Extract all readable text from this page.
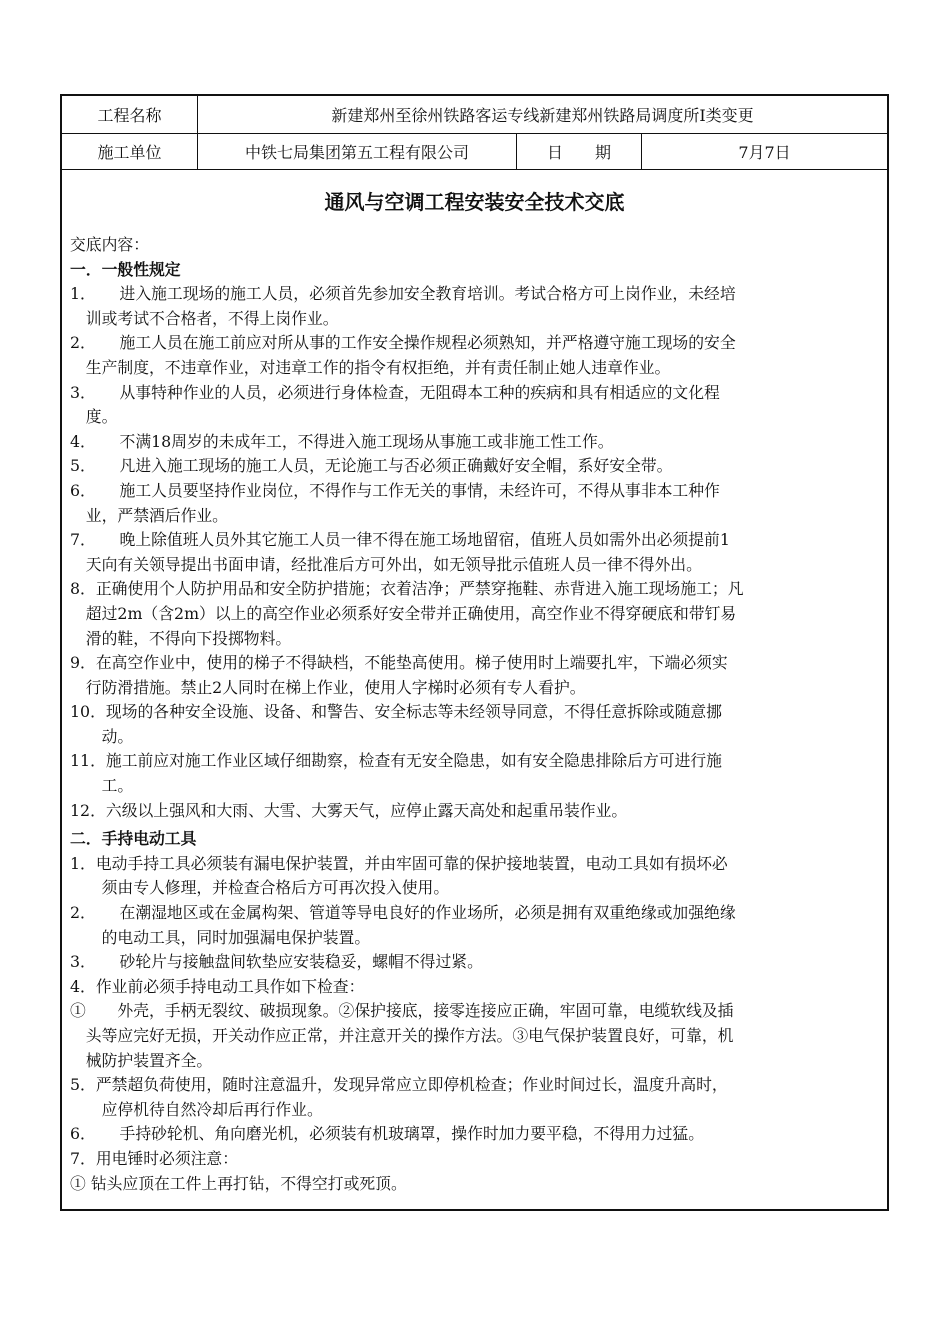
工程名称	新建郑州至徐州铁路客运专线新建郑州铁路局调度所Ⅰ类变更
施工单位	中铁七局集团第五工程有限公司	日　　期	7月7日
通风与空调工程安装安全技术交底
交底内容：
一．一般性规定
1．　　进入施工现场的施工人员，必须首先参加安全教育培训。考试合格方可上岗作业，未经培
　训或考试不合格者，不得上岗作业。
2．　　施工人员在施工前应对所从事的工作安全操作规程必须熟知，并严格遵守施工现场的安全
　生产制度，不违章作业，对违章工作的指令有权拒绝，并有责任制止她人违章作业。
3．　　从事特种作业的人员，必须进行身体检查，无阻碍本工种的疾病和具有相适应的文化程
　度。
4．　　不满18周岁的未成年工，不得进入施工现场从事施工或非施工性工作。
5．　　凡进入施工现场的施工人员，无论施工与否必须正确戴好安全帽，系好安全带。
6．　　施工人员要坚持作业岗位，不得作与工作无关的事情，未经许可，不得从事非本工种作
　业，严禁酒后作业。
7．　　晚上除值班人员外其它施工人员一律不得在施工场地留宿，值班人员如需外出必须提前1
　天向有关领导提出书面申请，经批准后方可外出，如无领导批示值班人员一律不得外出。
8．正确使用个人防护用品和安全防护措施；衣着洁净；严禁穿拖鞋、赤背进入施工现场施工；凡
　超过2m（含2m）以上的高空作业必须系好安全带并正确使用，高空作业不得穿硬底和带钉易
　滑的鞋，不得向下投掷物料。
9．在高空作业中，使用的梯子不得缺档，不能垫高使用。梯子使用时上端要扎牢，下端必须实
　行防滑措施。禁止2人同时在梯上作业，使用人字梯时必须有专人看护。
10．现场的各种安全设施、设备、和警告、安全标志等未经领导同意，不得任意拆除或随意挪
　　动。
11．施工前应对施工作业区域仔细勘察，检查有无安全隐患，如有安全隐患排除后方可进行施
　　工。
12．六级以上强风和大雨、大雪、大雾天气，应停止露天高处和起重吊装作业。
二．手持电动工具
1．电动手持工具必须装有漏电保护装置，并由牢固可靠的保护接地装置，电动工具如有损坏必
　　须由专人修理，并检查合格后方可再次投入使用。
2．　　在潮湿地区或在金属构架、管道等导电良好的作业场所，必须是拥有双重绝缘或加强绝缘
　　的电动工具，同时加强漏电保护装置。
3．　　砂轮片与接触盘间软垫应安装稳妥，螺帽不得过紧。
4．作业前必须手持电动工具作如下检查：
①　　外壳，手柄无裂纹、破损现象。②保护接底，接零连接应正确，牢固可靠，电缆软线及插
　头等应完好无损，开关动作应正常，并注意开关的操作方法。③电气保护装置良好，可靠，机
　械防护装置齐全。
5．严禁超负荷使用，随时注意温升，发现异常应立即停机检查；作业时间过长，温度升高时，
　　应停机待自然冷却后再行作业。
6．　　手持砂轮机、角向磨光机，必须装有机玻璃罩，操作时加力要平稳，不得用力过猛。
7．用电锤时必须注意：
① 钻头应顶在工件上再打钻，不得空打或死顶。
